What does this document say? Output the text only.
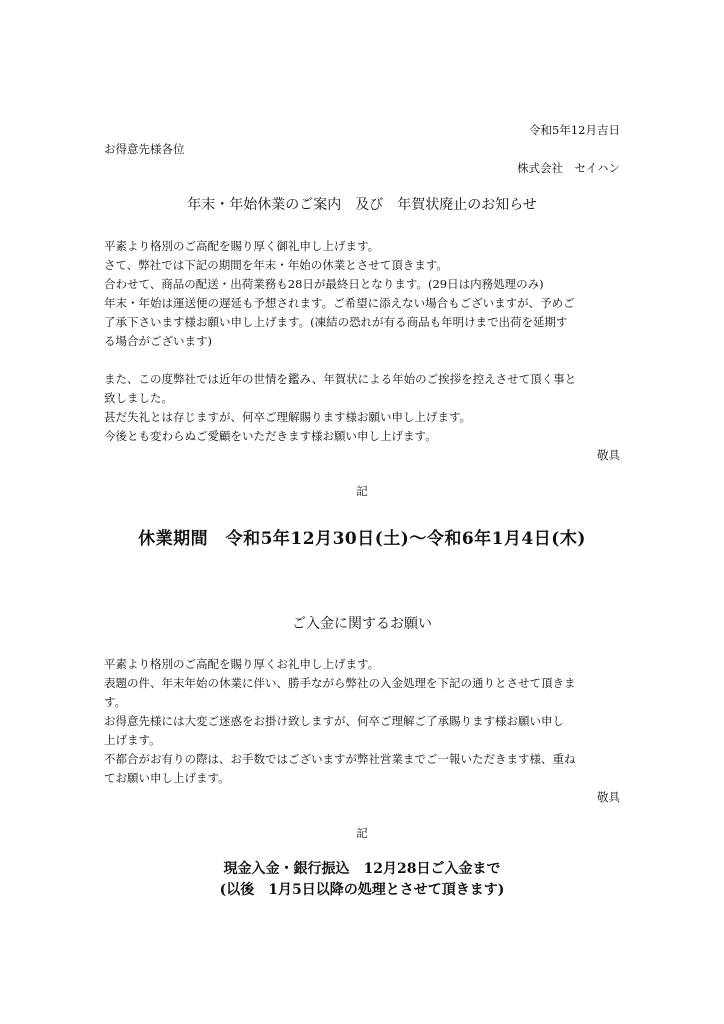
令和5年12月吉日
お得意先様各位
株式会社　セイハン
年末・年始休業のご案内　及び　年賀状廃止のお知らせ
平素より格別のご高配を賜り厚く御礼申し上げます。
さて、弊社では下記の期間を年末・年始の休業とさせて頂きます。
合わせて、商品の配送・出荷業務も28日が最終日となります。(29日は内務処理のみ)
年末・年始は運送便の遅延も予想されます。ご希望に添えない場合もございますが、予めご
了承下さいます様お願い申し上げます。(凍結の恐れが有る商品も年明けまで出荷を延期す
る場合がございます)
また、この度弊社では近年の世情を鑑み、年賀状による年始のご挨拶を控えさせて頂く事と
致しました。
甚だ失礼とは存じますが、何卒ご理解賜ります様お願い申し上げます。
今後とも変わらぬご愛顧をいただきます様お願い申し上げます。
敬具
記
休業期間　令和5年12月30日(土)〜令和6年1月4日(木)
ご入金に関するお願い
平素より格別のご高配を賜り厚くお礼申し上げます。
表題の件、年末年始の休業に伴い、勝手ながら弊社の入金処理を下記の通りとさせて頂きま
す。
お得意先様には大変ご迷惑をお掛け致しますが、何卒ご理解ご了承賜ります様お願い申し
上げます。
不都合がお有りの際は、お手数ではございますが弊社営業までご一報いただきます様、重ね
てお願い申し上げます。
敬具
記
現金入金・銀行振込　12月28日ご入金まで
(以後　1月5日以降の処理とさせて頂きます)
